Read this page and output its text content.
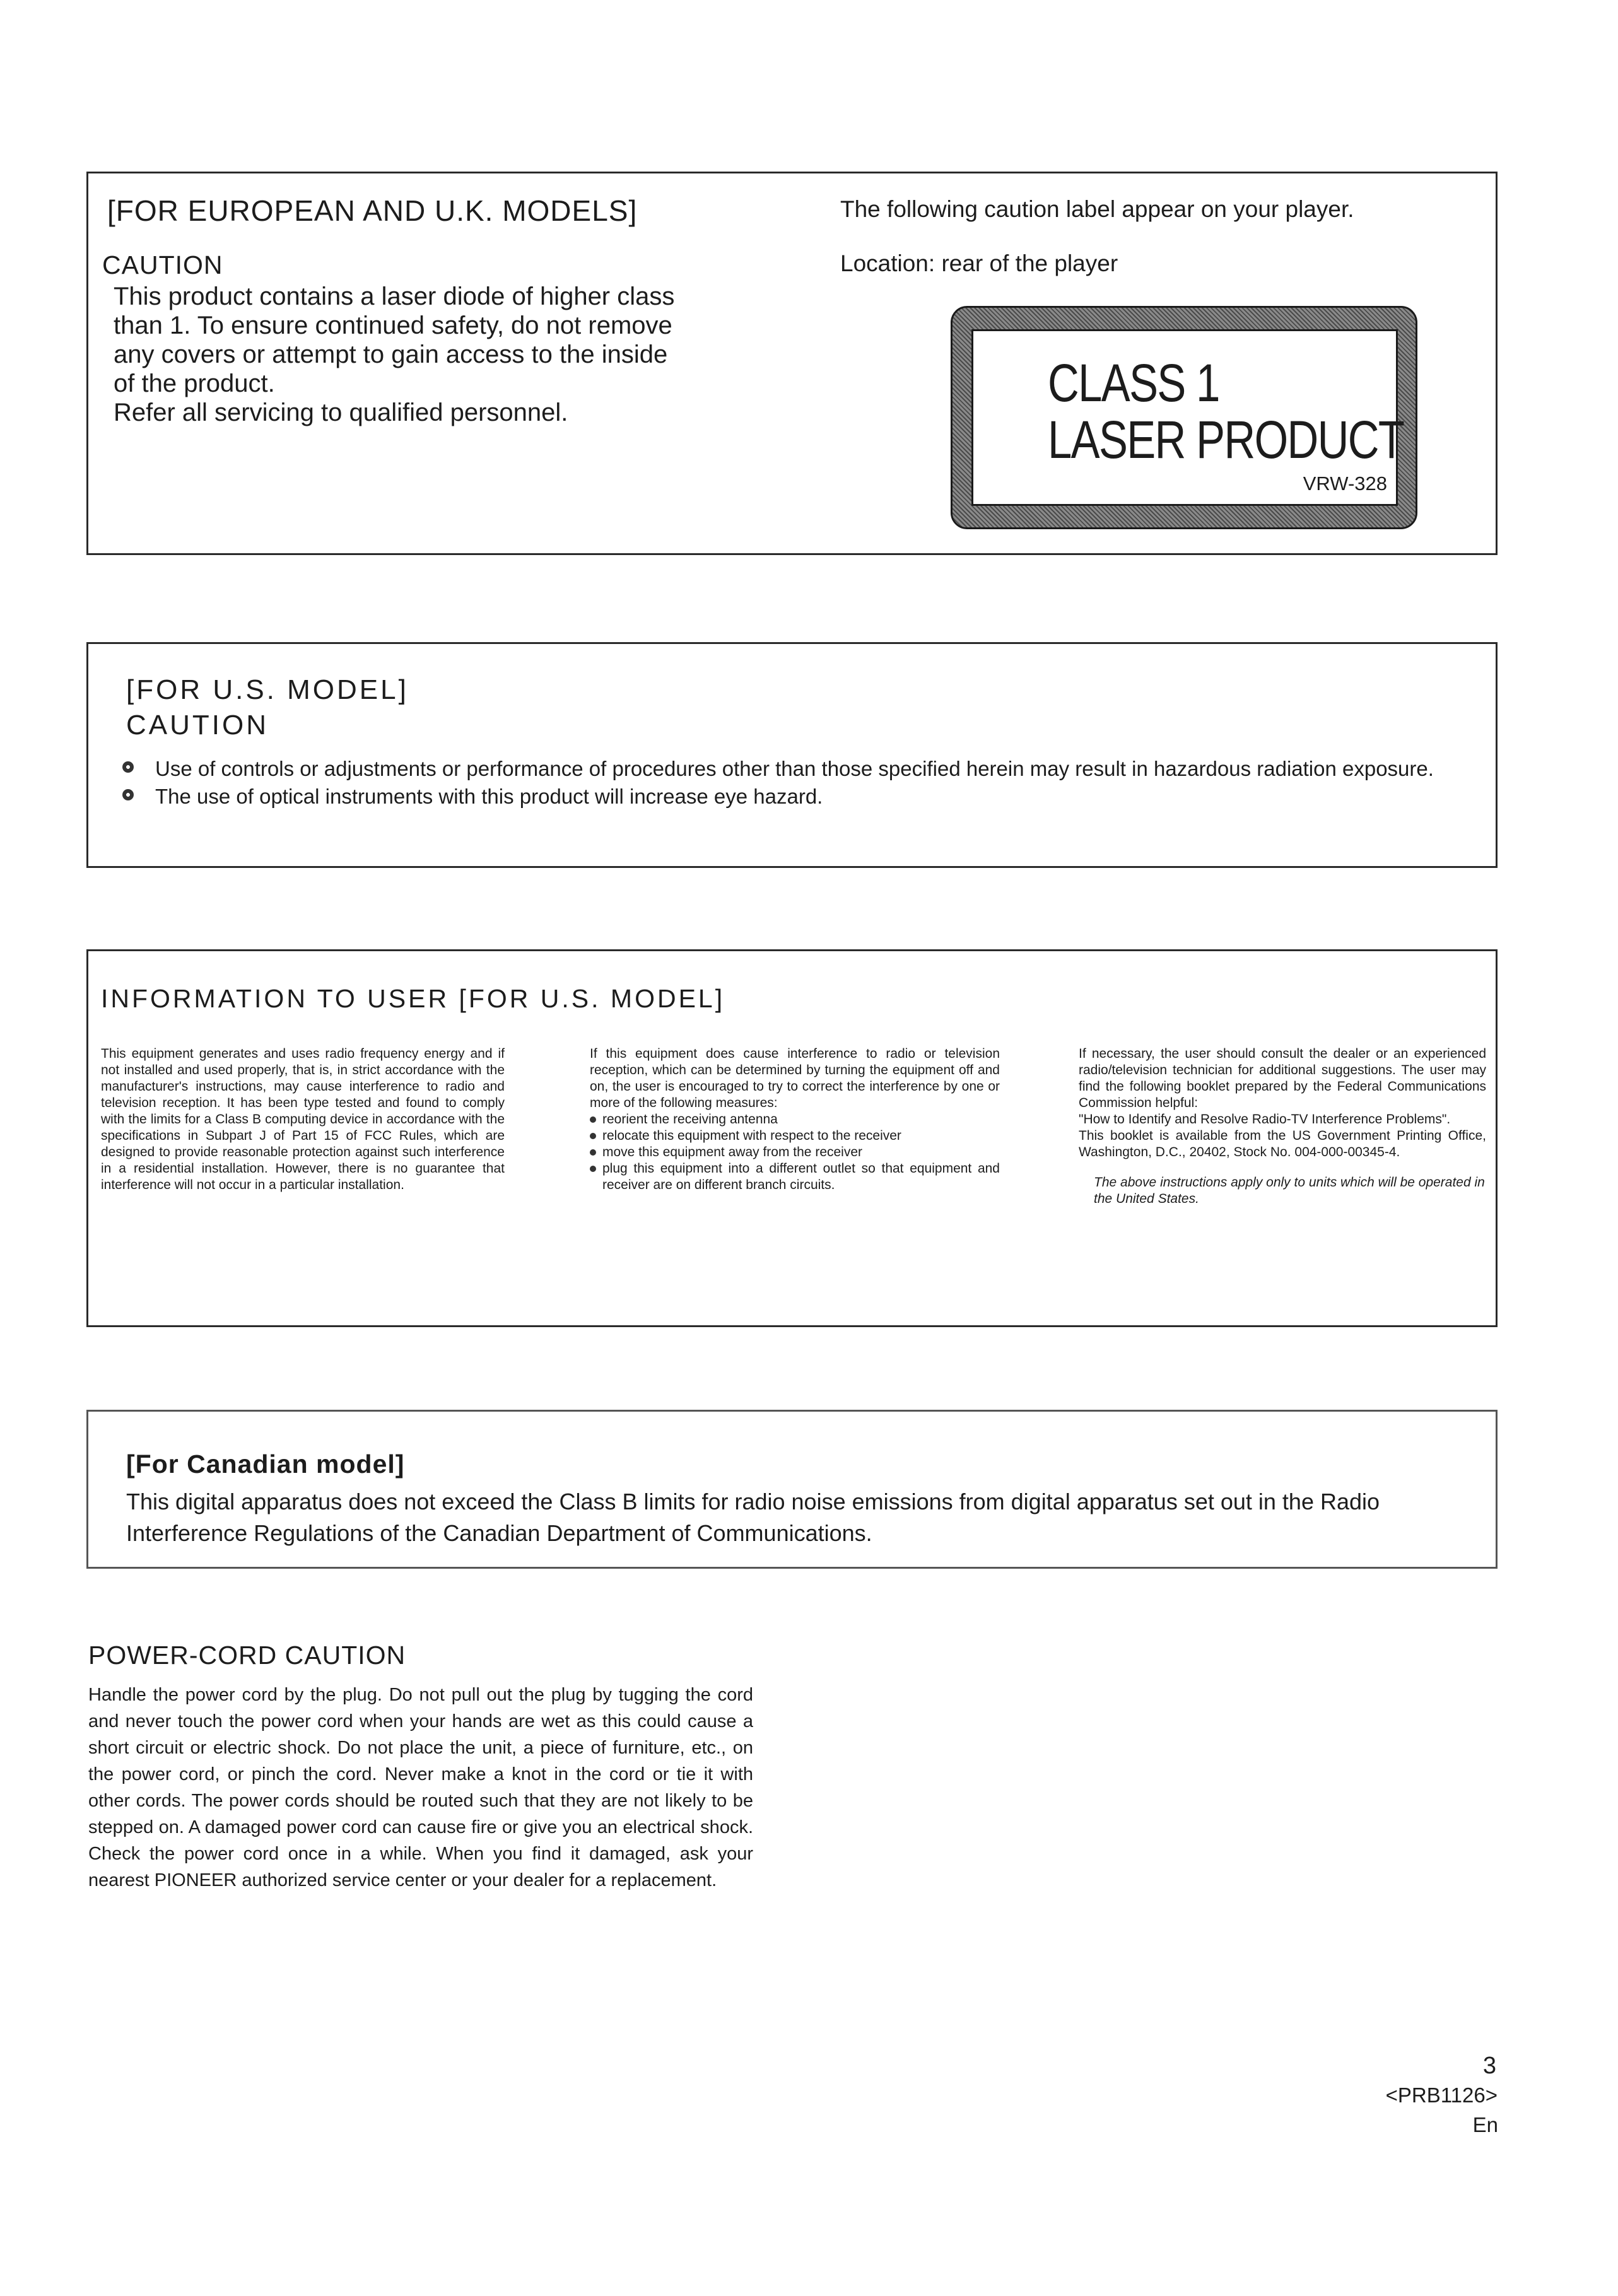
[FOR EUROPEAN AND U.K. MODELS]
CAUTION

This product contains a laser diode of higher class

than 1. To ensure continued safety, do not remove

any covers or attempt to gain access to the inside

of the product.

Refer all servicing to qualified personnel.

The following caution label appear on your player.
Location: rear of the player
CLASS 1
LASER PRODUCT
VRW-328
[FOR U.S. MODEL]
CAUTION
Use of controls or adjustments or performance of procedures other than those specified herein may result in hazardous radiation exposure.
The use of optical instruments with this product will increase eye hazard.
INFORMATION TO USER [FOR U.S. MODEL]

This equipment generates and uses radio frequency energy and if not installed and used properly, that is, in strict accordance with the manufacturer's instructions, may cause interference to radio and television reception. It has been type tested and found to comply with the limits for a Class B computing device in accordance with the specifications in Subpart J of Part 15 of FCC Rules, which are designed to provide reasonable protection against such interference in a residential installation. However, there is no guarantee that interference will not occur in a particular installation.

If this equipment does cause interference to radio or television reception, which can be determined by turning the equipment off and on, the user is encouraged to try to correct the interference by one or more of the following measures:

reorient the receiving antenna
relocate this equipment with respect to the receiver
move this equipment away from the receiver
plug this equipment into a different outlet so that equipment and receiver are on different branch circuits.

If necessary, the user should consult the dealer or an experienced radio/television technician for additional suggestions. The user may find the following booklet prepared by the Federal Communications Commission helpful:

"How to Identify and Resolve Radio-TV Interference Problems".

This booklet is available from the US Government Printing Office, Washington, D.C., 20402, Stock No. 004-000-00345-4.

The above instructions apply only to units which will be operated in the United States.

[For Canadian model]
This digital apparatus does not exceed the Class B limits for radio noise emissions from digital apparatus set out in the Radio Interference Regulations of the Canadian Department of Communications.
POWER-CORD CAUTION
Handle the power cord by the plug. Do not pull out the plug by tugging the cord and never touch the power cord when your hands are wet as this could cause a short circuit or electric shock. Do not place the unit, a piece of furniture, etc., on the power cord, or pinch the cord. Never make a knot in the cord or tie it with other cords. The power cords should be routed such that they are not likely to be stepped on. A damaged power cord can cause fire or give you an electrical shock. Check the power cord once in a while. When you find it damaged, ask your nearest PIONEER authorized service center or your dealer for a replacement.
3
<PRB1126>
En
